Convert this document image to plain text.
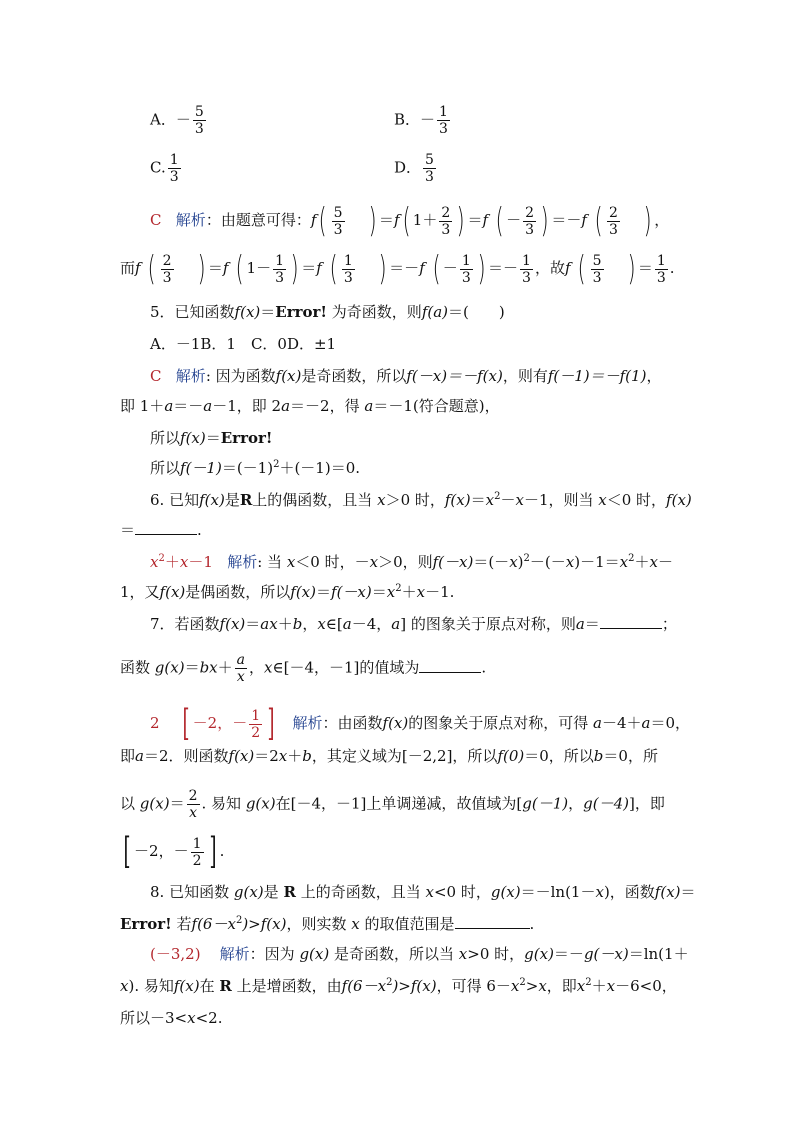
A．－ $\frac{5}{3}$	B．－ $\frac{1}{3}$
C. $\frac{1}{3}$	D． $\frac{5}{3}$
C 解析：由题意可得：$f( \frac{5}{3}$ ) ＝f( $1+ \frac{2}{3}$ ) ＝f ( － $\frac{2}{3}$ ) ＝－f ( $\frac{2}{3}$ ) ，
而f ( $\frac{2}{3}$ ) ＝f ( $1- \frac{1}{3}$ ) ＝f ( $\frac{1}{3}$ ) ＝－f ( － $\frac{1}{3}$ ) ＝－ $\frac{1}{3}$ ，故f ( $\frac{5}{3}$ ) ＝ $\frac{1}{3}$ .
5．已知函数f(x)＝Error! 为奇函数，则f(a)＝(　　)
A．－1B．1　C．0D．±1
C 解析: 因为函数f(x)是奇函数，所以f(－x)＝－f(x)，则有f(－1)＝－f(1)，
即 1＋a＝－a－1，即 2a＝－2，得 a＝－1(符合题意)，
所以f(x)＝Error!
所以$f(-1)=(-1)^2+(-1)=0$.
6. 已知f(x)是R上的偶函数，且当 x＞0 时，$f(x)=x^2-x-1$，则当 x＜0 时，f(x)
＝	.
$x^2+x-1$ 解析: 当 x＜0 时，－x＞0，则$f(-x)=(-x)^2-(-x)-1=x^2+x-$
1，又f(x)是偶函数，所以$f(x)=f(-x)=x^2+x-1$.
7．若函数f(x)＝ax＋b，x∈[a－4，a] 的图象关于原点对称，则a＝	；
函数 $g(x)=bx+ \frac{a}{x}$ ，x∈[－4，－1]的值域为	.
2 [ －2，－ $\frac{1}{2}$ ] 解析：由函数f(x)的图象关于原点对称，可得 a－4＋a＝0，
即a＝2．则函数f(x)＝2x＋b，其定义域为[－2,2]，所以f(0)＝0，所以b＝0，所
以 $g(x)= \frac{2}{x}$ . 易知 g(x)在[－4，－1]上单调递减，故值域为[g(－1)，g(－4)]，即
[ －2，－ $\frac{1}{2}$ ] .
8. 已知函数 g(x)是 R 上的奇函数，且当 x<0 时，g(x)＝－ln(1－x)，函数f(x)＝
Error! 若$f(6-x^2)>f(x)$，则实数 x 的取值范围是	.
(－3,2) 解析：因为 g(x) 是奇函数，所以当 x>0 时，g(x)＝－g(－x)＝ln(1＋
x). 易知f(x)在 R 上是增函数，由$f(6-x^2)>f(x)$，可得 $6-x^2>x$，即$x^2+x-6<0$，
所以－3<x<2.
